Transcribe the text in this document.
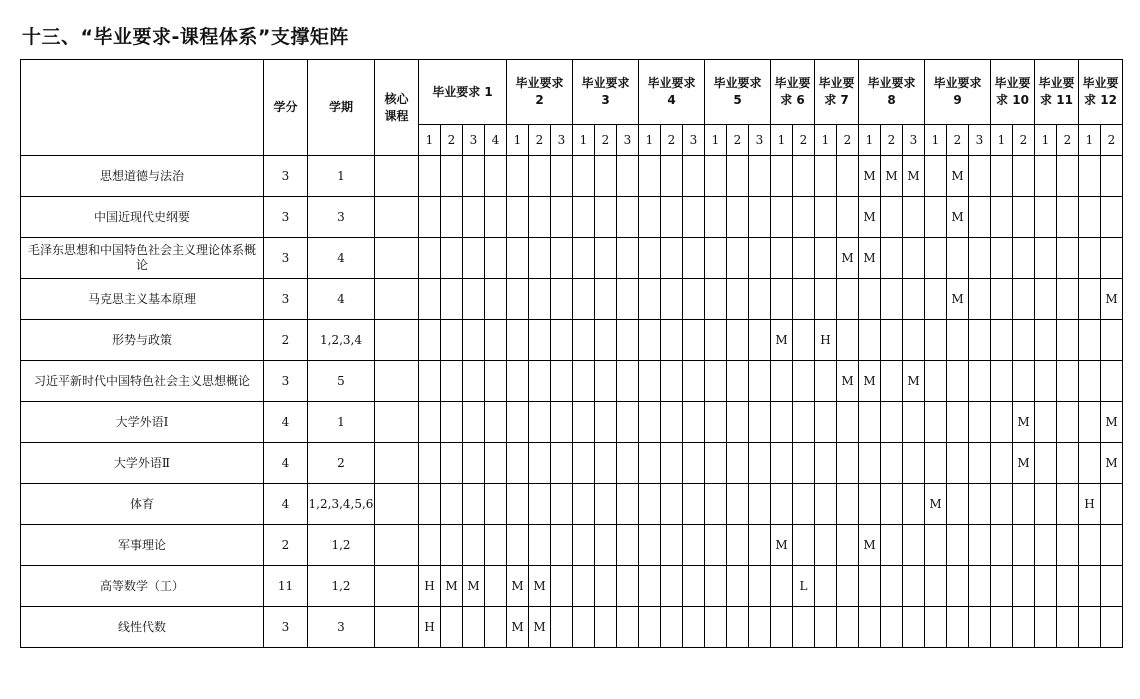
十三、“毕业要求-课程体系”支撑矩阵
	学分	学期	核心课程	毕业要求 1				毕业要求 2			毕业要求 3			毕业要求 4			毕业要求 5			毕业要求 6		毕业要求 7		毕业要求 8			毕业要求 9			毕业要求 10		毕业要求 11		毕业要求 12	
				1	2	3	4	1	2	3	1	2	3	1	2	3	1	2	3	1	2	1	2	1	2	3	1	2	3	1	2	1	2	1	2
思想道德与法治	3	1																						M	M	M		M							
中国近现代史纲要	3	3																						M				M							
毛泽东思想和中国特色社会主义理论体系概论	3	4																					M	M											
马克思主义基本原理	3	4																										M							M
形势与政策	2	1,2,3,4																		M		H													
习近平新时代中国特色社会主义思想概论	3	5																					M	M		M									
大学外语Ⅰ	4	1																													M				M
大学外语Ⅱ	4	2																													M				M
体育	4	1,2,3,4,5,6																									M							H	
军事理论	2	1,2																		M				M											
高等数学（工）	11	1,2		H	M	M		M	M												L														
线性代数	3	3		H				M	M																										
